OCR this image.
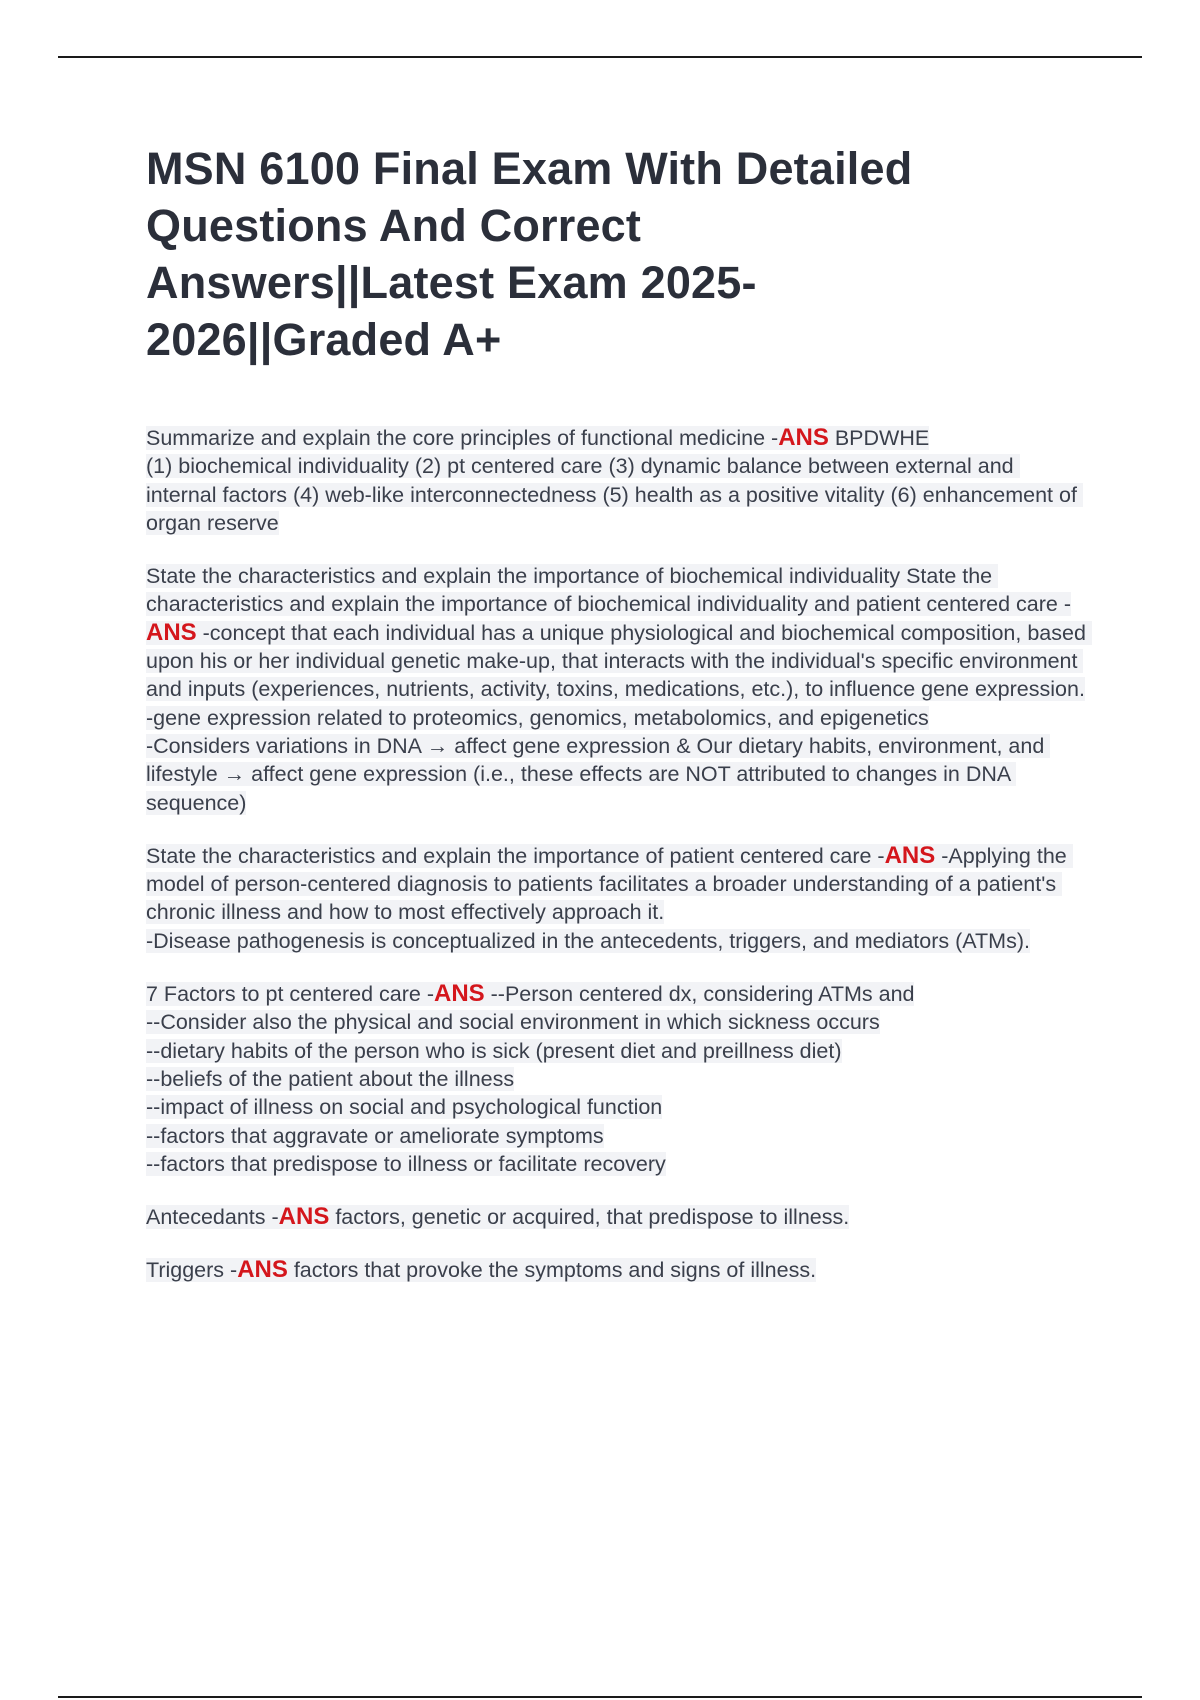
MSN 6100 Final Exam With Detailed Questions And Correct Answers||Latest Exam 2025-2026||Graded A+

Summarize and explain the core principles of functional medicine -ANS BPDWHE
(1) biochemical individuality (2) pt centered care (3) dynamic balance between external and internal factors (4) web-like interconnectedness (5) health as a positive vitality (6) enhancement of organ reserve

State the characteristics and explain the importance of biochemical individuality State the characteristics and explain the importance of biochemical individuality and patient centered care -ANS -concept that each individual has a unique physiological and biochemical composition, based upon his or her individual genetic make-up, that interacts with the individual's specific environment and inputs (experiences, nutrients, activity, toxins, medications, etc.), to influence gene expression.
-gene expression related to proteomics, genomics, metabolomics, and epigenetics
-Considers variations in DNA → affect gene expression & Our dietary habits, environment, and lifestyle → affect gene expression (i.e., these effects are NOT attributed to changes in DNA sequence)

State the characteristics and explain the importance of patient centered care -ANS -Applying the model of person-centered diagnosis to patients facilitates a broader understanding of a patient's chronic illness and how to most effectively approach it.
-Disease pathogenesis is conceptualized in the antecedents, triggers, and mediators (ATMs).

7 Factors to pt centered care -ANS --Person centered dx, considering ATMs and
--Consider also the physical and social environment in which sickness occurs
--dietary habits of the person who is sick (present diet and preillness diet)
--beliefs of the patient about the illness
--impact of illness on social and psychological function
--factors that aggravate or ameliorate symptoms
--factors that predispose to illness or facilitate recovery

Antecedants -ANS factors, genetic or acquired, that predispose to illness.

Triggers -ANS factors that provoke the symptoms and signs of illness.
